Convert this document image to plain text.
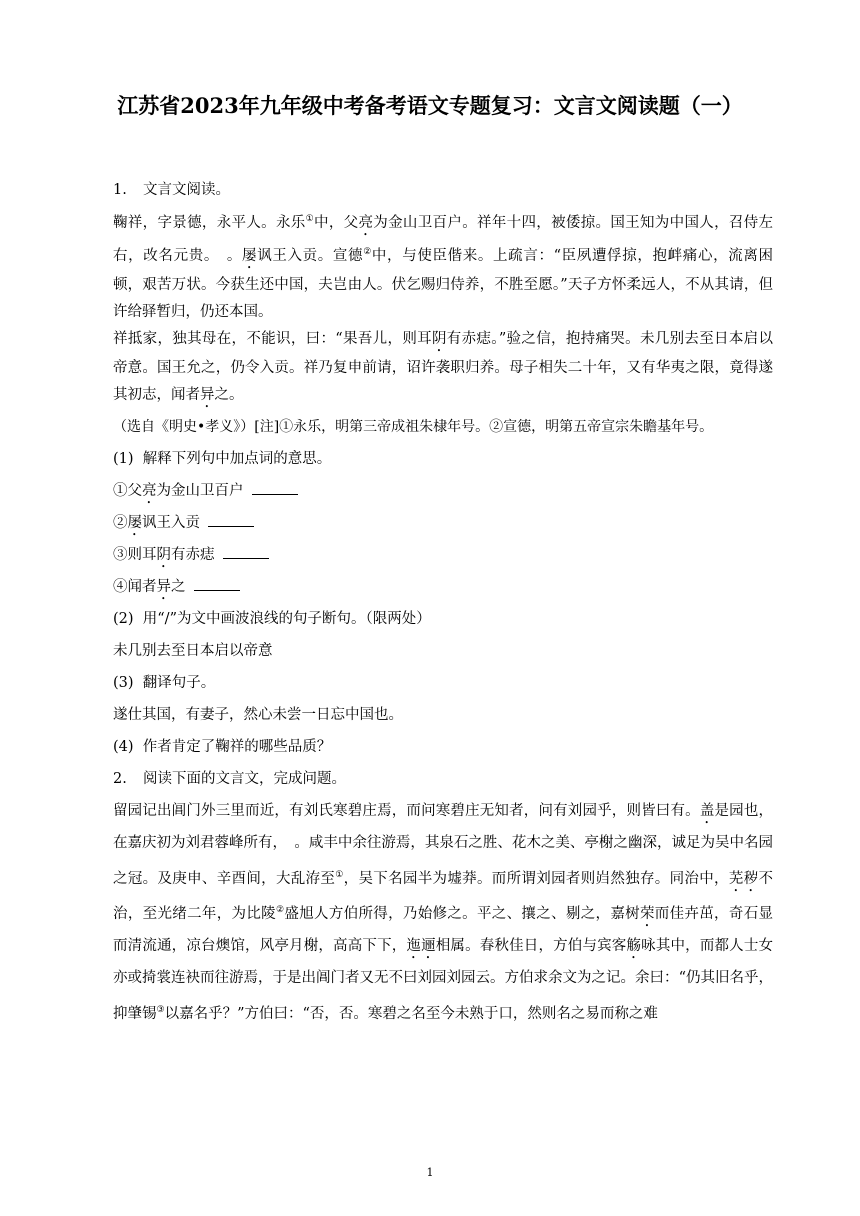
江苏省2023年九年级中考备考语文专题复习：文言文阅读题（一）

1. 文言文阅读。

鞠祥，字景德，永平人。永乐①中，父亮为金山卫百户。祥年十四，被倭掠。国王知为中国人，召侍左右，改名元贵。　。屡讽王入贡。宣德②中，与使臣偕来。上疏言：“臣夙遭俘掠，抱衅痛心，流离困顿，艰苦万状。今获生还中国，夫岂由人。伏乞赐归侍养，不胜至愿。”天子方怀柔远人，不从其请，但许给驿暂归，仍还本国。

祥抵家，独其母在，不能识，曰：“果吾儿，则耳阴有赤痣。”验之信，抱持痛哭。未几别去至日本启以帝意。国王允之，仍令入贡。祥乃复申前请，诏许袭职归养。母子相失二十年，又有华夷之限，竟得遂其初志，闻者异之。

（选自《明史•孝义》）[注]①永乐，明第三帝成祖朱棣年号。②宣德，明第五帝宣宗朱瞻基年号。

(1) 解释下列句中加点词的意思。

①父亮为金山卫百户

②屡讽王入贡

③则耳阴有赤痣

④闻者异之

(2) 用“/”为文中画波浪线的句子断句。（限两处）

未几别去至日本启以帝意

(3) 翻译句子。

遂仕其国，有妻子，然心未尝一日忘中国也。

(4) 作者肯定了鞠祥的哪些品质？

2. 阅读下面的文言文，完成问题。

留园记出阊门外三里而近，有刘氏寒碧庄焉，而问寒碧庄无知者，问有刘园乎，则皆曰有。盖是园也，在嘉庆初为刘君蓉峰所有，　。咸丰中余往游焉，其泉石之胜、花木之美、亭榭之幽深，诚足为吴中名园之冠。及庚申、辛酉间，大乱洊至①，吴下名园半为墟莽。而所谓刘园者则岿然独存。同治中，芜秽不治，至光绪二年，为比陵②盛旭人方伯所得，乃始修之。平之、攘之、剔之，嘉树荣而佳卉茁，奇石显而清流通，凉台燠馆，风亭月榭，高高下下，迤逦相属。春秋佳日，方伯与宾客觞咏其中，而都人士女亦或掎裳连袂而往游焉，于是出阊门者又无不曰刘园刘园云。方伯求余文为之记。余曰：“仍其旧名乎，抑肇锡③以嘉名乎？”方伯曰：“否，否。寒碧之名至今未熟于口，然则名之易而称之难

1
